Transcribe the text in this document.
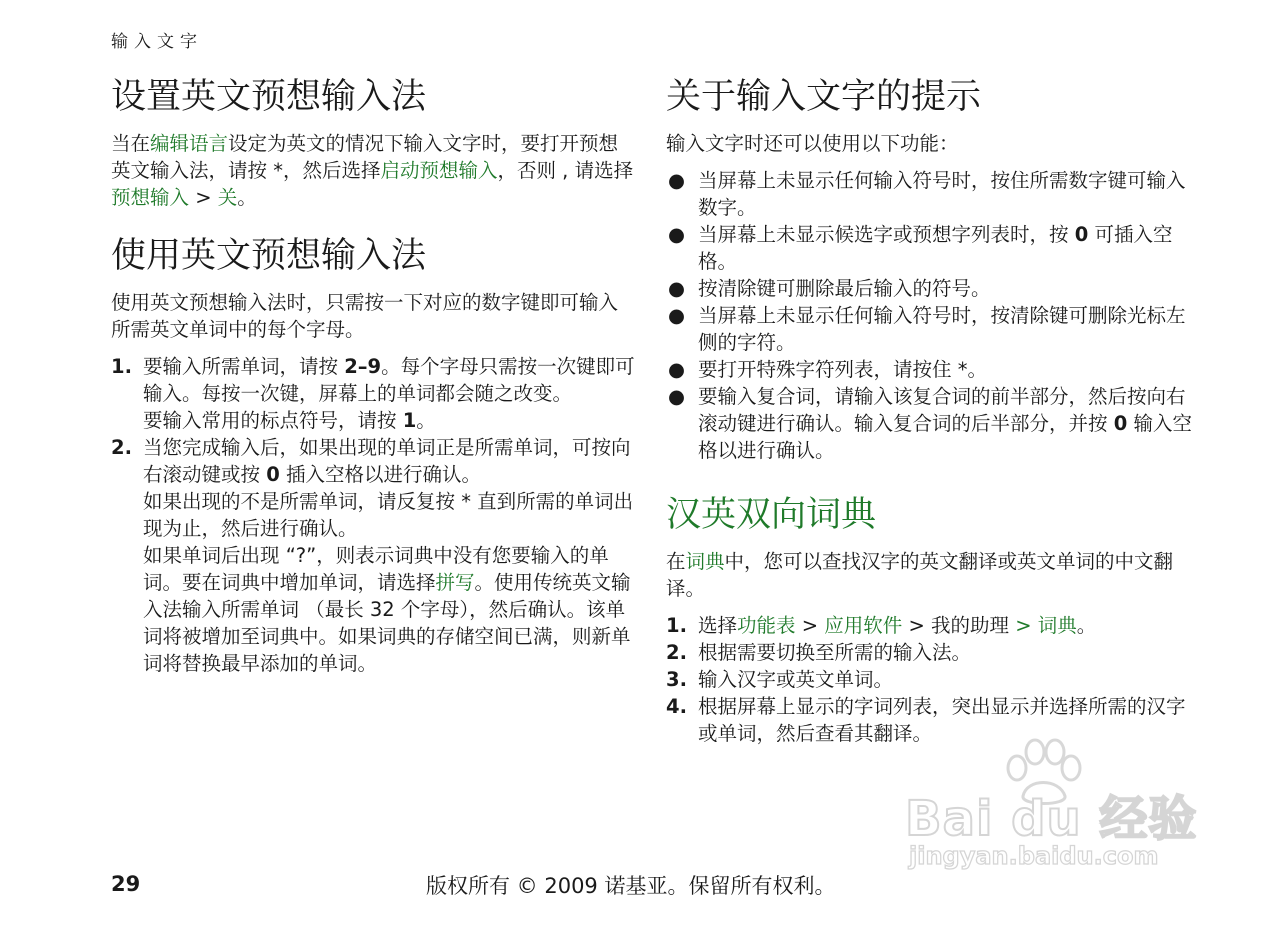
输入文字
设置英文预想输入法

当在编辑语言设定为英文的情况下输入文字时，要打开预想英文输入法，请按 *，然后选择启动预想输入，否则 , 请选择预想输入 > 关。

使用英文预想输入法

使用英文预想输入法时，只需按一下对应的数字键即可输入所需英文单词中的每个字母。

1. 要输入所需单词，请按 2–9。每个字母只需按一次键即可输入。每按一次键，屏幕上的单词都会随之改变。
要输入常用的标点符号，请按 1。
2. 当您完成输入后，如果出现的单词正是所需单词，可按向右滚动键或按 0 插入空格以进行确认。
如果出现的不是所需单词，请反复按 * 直到所需的单词出现为止，然后进行确认。
如果单词后出现 “?”，则表示词典中没有您要输入的单词。要在词典中增加单词，请选择拼写。使用传统英文输入法输入所需单词 （最长 32 个字母），然后确认。该单词将被增加至词典中。如果词典的存储空间已满，则新单词将替换最早添加的单词。
关于输入文字的提示

输入文字时还可以使用以下功能：

● 当屏幕上未显示任何输入符号时，按住所需数字键可输入数字。
● 当屏幕上未显示候选字或预想字列表时，按 0 可插入空格。
● 按清除键可删除最后输入的符号。
● 当屏幕上未显示任何输入符号时，按清除键可删除光标左侧的字符。
● 要打开特殊字符列表，请按住 *。
● 要输入复合词，请输入该复合词的前半部分，然后按向右滚动键进行确认。输入复合词的后半部分，并按 0 输入空格以进行确认。
汉英双向词典

在词典中，您可以查找汉字的英文翻译或英文单词的中文翻译。

1. 选择功能表 > 应用软件 > 我的助理 > 词典。
2. 根据需要切换至所需的输入法。
3. 输入汉字或英文单词。
4. 根据屏幕上显示的字词列表，突出显示并选择所需的汉字或单词，然后查看其翻译。
Bai du 经验
jingyan.baidu.com
29	版权所有 © 2009 诺基亚。保留所有权利。
